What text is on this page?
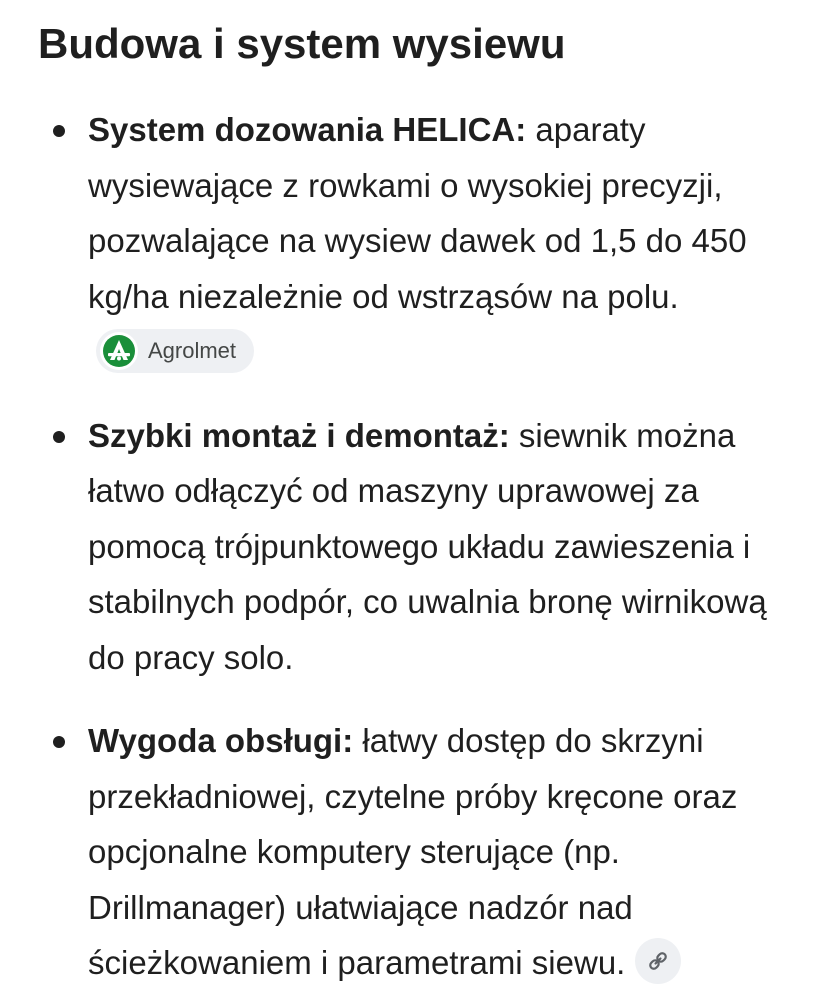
Budowa i system wysiewu
System dozowania HELICA: aparaty wysiewające z rowkami o wysokiej precyzji, pozwalające na wysiew dawek od 1,5 do 450 kg/ha niezależnie od wstrząsów na polu.
Agrolmet
Szybki montaż i demontaż: siewnik można łatwo odłączyć od maszyny uprawowej za pomocą trójpunktowego układu zawieszenia i stabilnych podpór, co uwalnia bronę wirnikową do pracy solo.
Wygoda obsługi: łatwy dostęp do skrzyni przekładniowej, czytelne próby kręcone oraz opcjonalne komputery sterujące (np. Drillmanager) ułatwiające nadzór nad ścieżkowaniem i parametrami siewu.
